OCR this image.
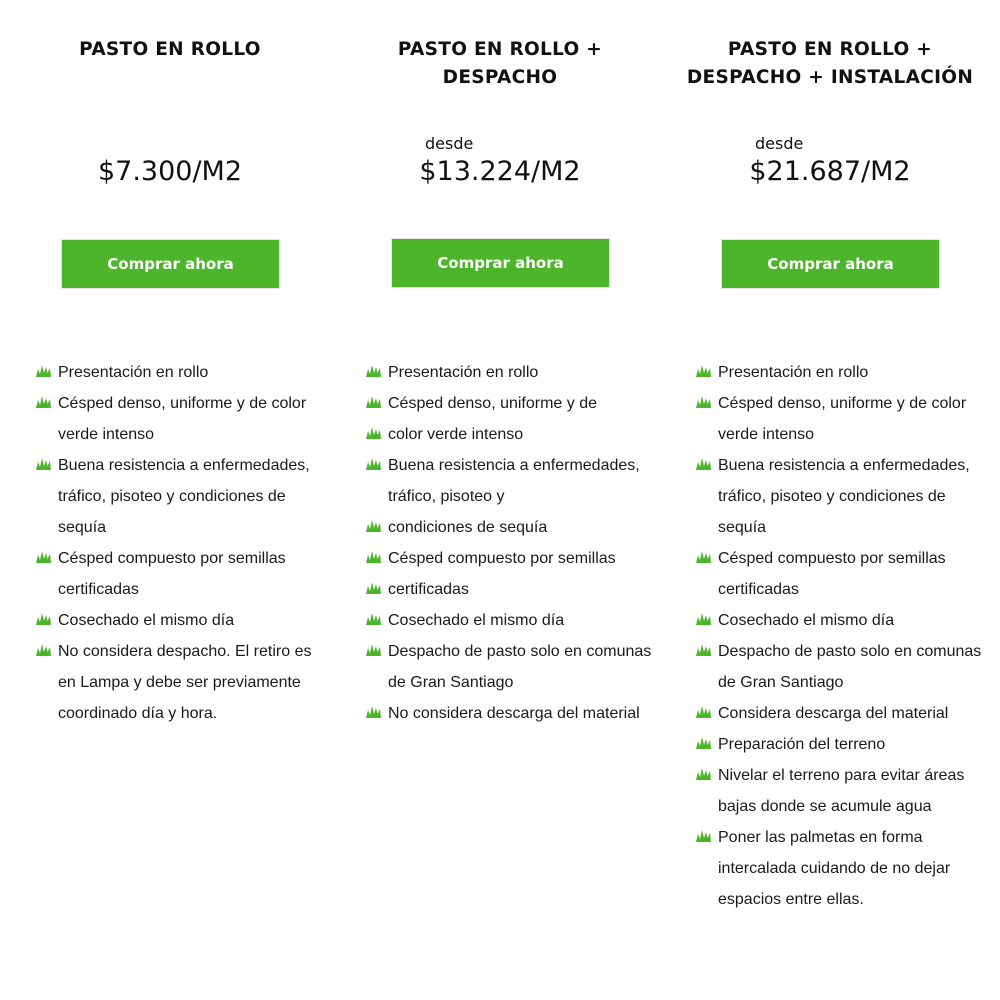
PASTO EN ROLLO
$7.300/M2
Comprar ahora
Presentación en rollo
Césped denso, uniforme y de color verde intenso
Buena resistencia a enfermedades, tráfico, pisoteo y condiciones de sequía
Césped compuesto por semillas certificadas
Cosechado el mismo día
No considera despacho. El retiro es en Lampa y debe ser previamente coordinado día y hora.
PASTO EN ROLLO +
DESPACHO
desde
$13.224/M2
Comprar ahora
Presentación en rollo
Césped denso, uniforme y de
color verde intenso
Buena resistencia a enfermedades, tráfico, pisoteo y
condiciones de sequía
Césped compuesto por semillas
certificadas
Cosechado el mismo día
Despacho de pasto solo en comunas de Gran Santiago
No considera descarga del material
PASTO EN ROLLO +
DESPACHO + INSTALACIÓN
desde
$21.687/M2
Comprar ahora
Presentación en rollo
Césped denso, uniforme y de color verde intenso
Buena resistencia a enfermedades, tráfico, pisoteo y condiciones de sequía
Césped compuesto por semillas certificadas
Cosechado el mismo día
Despacho de pasto solo en comunas de Gran Santiago
Considera descarga del material
Preparación del terreno
Nivelar el terreno para evitar áreas bajas donde se acumule agua
Poner las palmetas en forma intercalada cuidando de no dejar espacios entre ellas.
